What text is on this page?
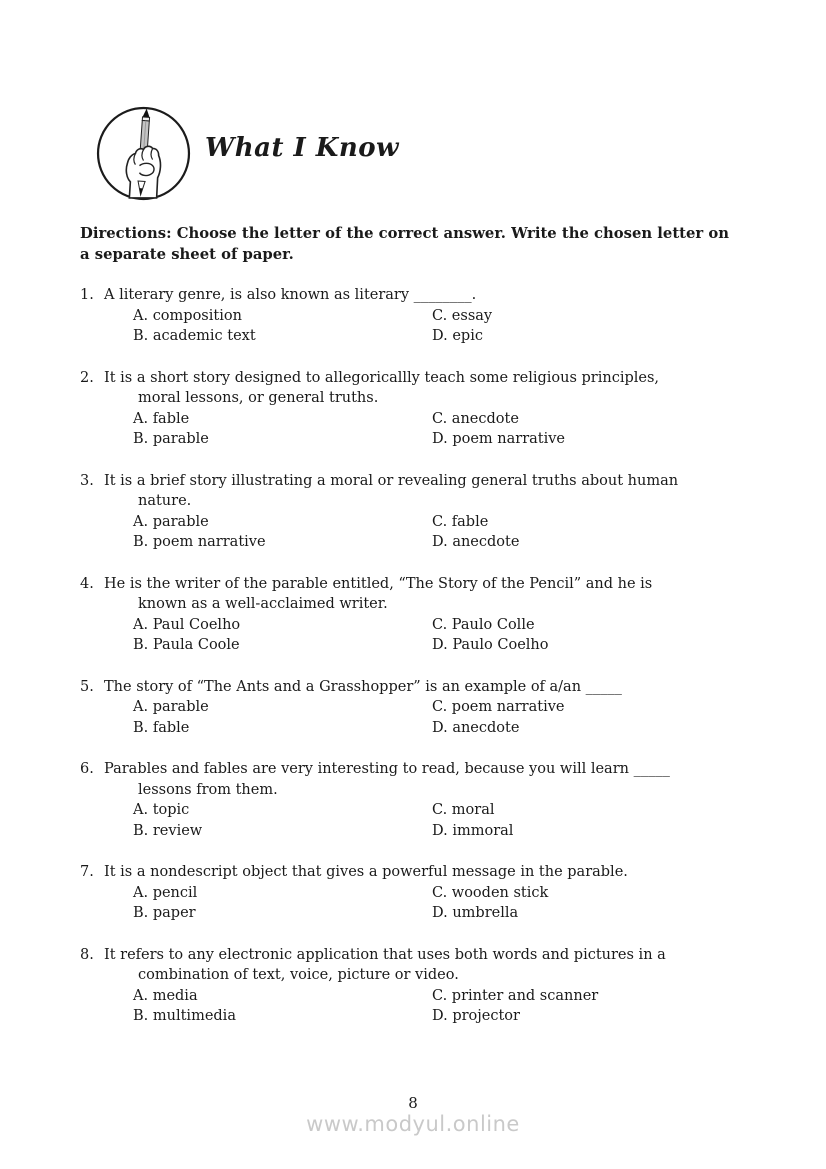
What I Know

Directions: Choose the letter of the correct answer. Write the chosen letter on
a separate sheet of paper.

1. A literary genre, is also known as literary ________.
A. composition	C. essay
B. academic text	D. epic
2. It is a short story designed to allegoricallly teach some religious principles,
moral lessons, or general truths.
A. fable	C. anecdote
B. parable	D. poem narrative
3. It is a brief story illustrating a moral or revealing general truths about human
nature.
A. parable	C. fable
B. poem narrative	D. anecdote
4. He is the writer of the parable entitled, “The Story of the Pencil” and he is
known as a well-acclaimed writer.
A. Paul Coelho	C. Paulo Colle
B. Paula Coole	D. Paulo Coelho
5. The story of “The Ants and a Grasshopper” is an example of a/an _____
A. parable	C. poem narrative
B. fable	D. anecdote
6. Parables and fables are very interesting to read, because you will learn _____
lessons from them.
A. topic	C. moral
B. review	D. immoral
7. It is a nondescript object that gives a powerful message in the parable.
A. pencil	C. wooden stick
B. paper	D. umbrella
8. It refers to any electronic application that uses both words and pictures in a
combination of text, voice, picture or video.
A. media	C. printer and scanner
B. multimedia	D. projector
8
www.modyul.online
